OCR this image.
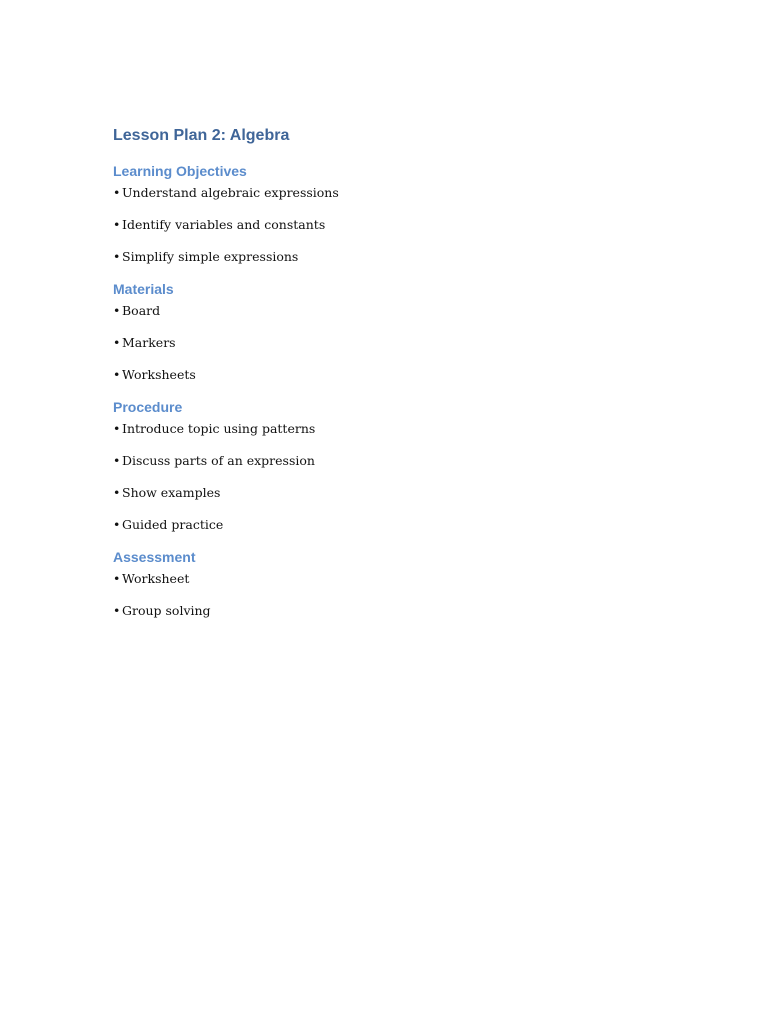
Lesson Plan 2: Algebra
Learning Objectives
• Understand algebraic expressions
• Identify variables and constants
• Simplify simple expressions
Materials
• Board
• Markers
• Worksheets
Procedure
• Introduce topic using patterns
• Discuss parts of an expression
• Show examples
• Guided practice
Assessment
• Worksheet
• Group solving
